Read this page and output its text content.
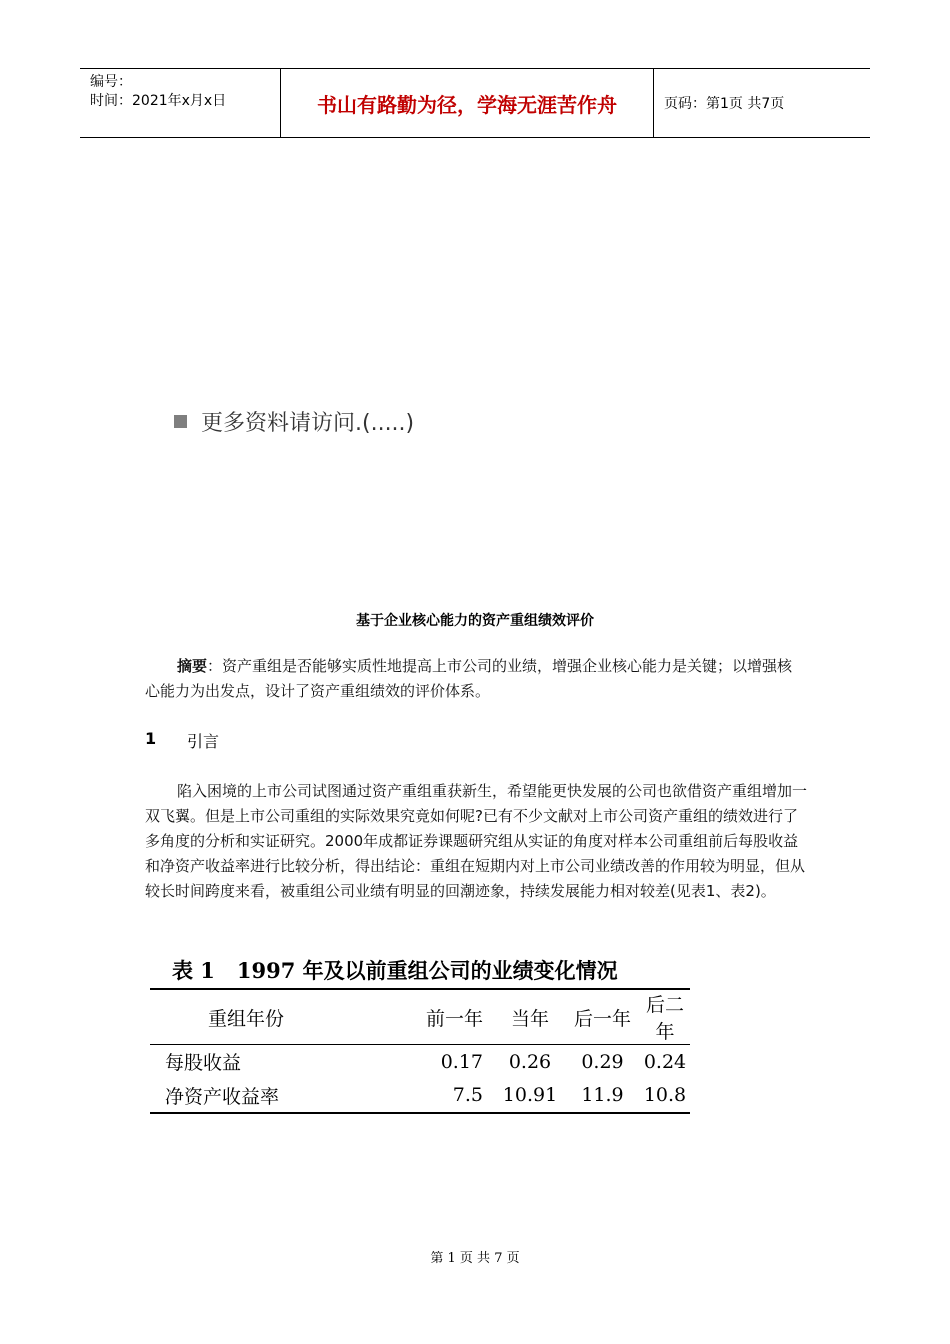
编号：
时间：2021年x月x日	书山有路勤为径，学海无涯苦作舟	页码：第1页 共7页
更多资料请访问.(.....)
基于企业核心能力的资产重组绩效评价
摘要：资产重组是否能够实质性地提高上市公司的业绩，增强企业核心能力是关键；以增强核心能力为出发点，设计了资产重组绩效的评价体系。
1	引言
陷入困境的上市公司试图通过资产重组重获新生，希望能更快发展的公司也欲借资产重组增加一双飞翼。但是上市公司重组的实际效果究竟如何呢?已有不少文献对上市公司资产重组的绩效进行了多角度的分析和实证研究。2000年成都证券课题研究组从实证的角度对样本公司重组前后每股收益和净资产收益率进行比较分析，得出结论：重组在短期内对上市公司业绩改善的作用较为明显，但从较长时间跨度来看，被重组公司业绩有明显的回潮迹象，持续发展能力相对较差(见表1、表2)。
表 1   1997 年及以前重组公司的业绩变化情况
重组年份	前一年	当年	后一年	后二年
每股收益	0.17	0.26	0.29	0.24
净资产收益率	7.5	10.91	11.9	10.8
第 1 页 共 7 页
